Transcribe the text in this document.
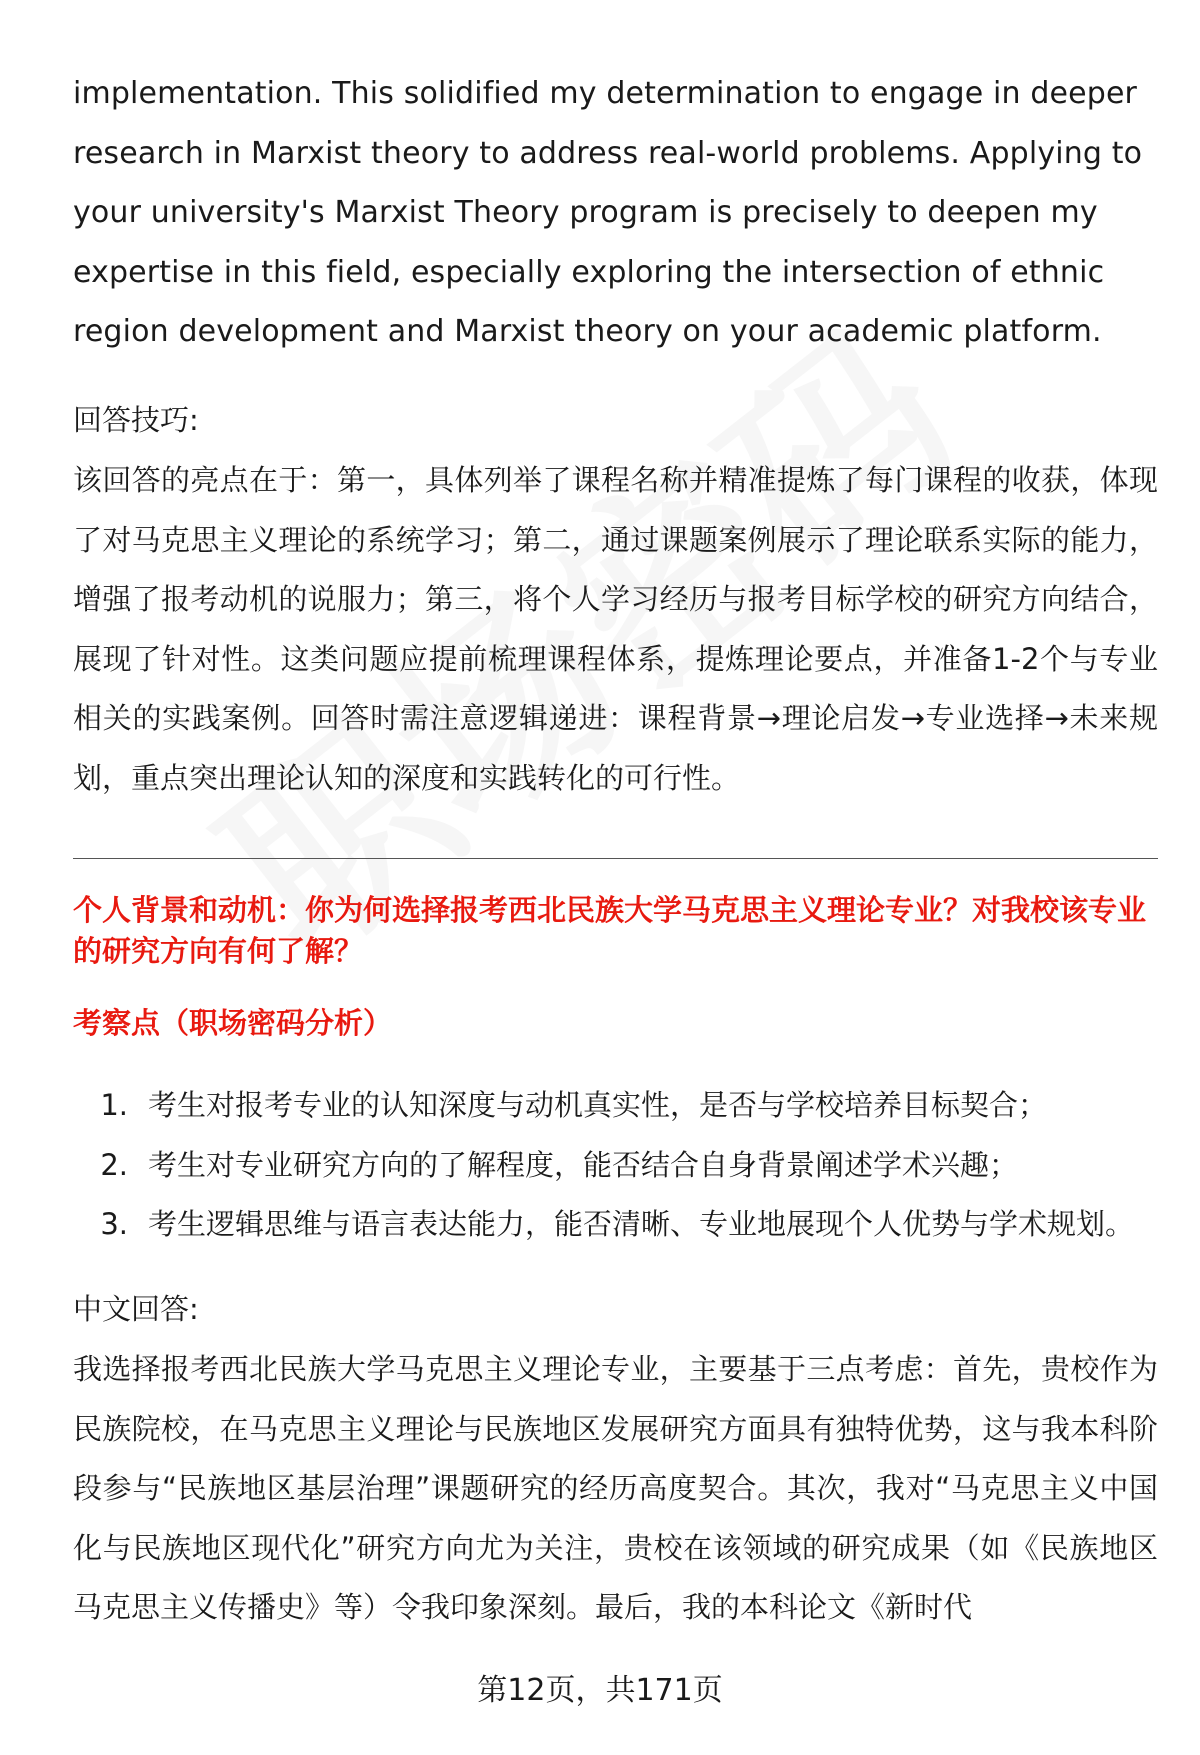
implementation. This solidified my determination to engage in deeper research in Marxist theory to address real-world problems. Applying to your university's Marxist Theory program is precisely to deepen my expertise in this field, especially exploring the intersection of ethnic region development and Marxist theory on your academic platform.

回答技巧:

该回答的亮点在于：第一，具体列举了课程名称并精准提炼了每门课程的收获，体现了对马克思主义理论的系统学习；第二，通过课题案例展示了理论联系实际的能力，增强了报考动机的说服力；第三，将个人学习经历与报考目标学校的研究方向结合，展现了针对性。这类问题应提前梳理课程体系，提炼理论要点，并准备1-2个与专业相关的实践案例。回答时需注意逻辑递进：课程背景→理论启发→专业选择→未来规划，重点突出理论认知的深度和实践转化的可行性。

个人背景和动机：你为何选择报考西北民族大学马克思主义理论专业？对我校该专业的研究方向有何了解？

考察点（职场密码分析）

1. 考生对报考专业的认知深度与动机真实性，是否与学校培养目标契合；
2. 考生对专业研究方向的了解程度，能否结合自身背景阐述学术兴趣；
3. 考生逻辑思维与语言表达能力，能否清晰、专业地展现个人优势与学术规划。

中文回答:

我选择报考西北民族大学马克思主义理论专业，主要基于三点考虑：首先，贵校作为民族院校，在马克思主义理论与民族地区发展研究方面具有独特优势，这与我本科阶段参与“民族地区基层治理”课题研究的经历高度契合。其次，我对“马克思主义中国化与民族地区现代化”研究方向尤为关注，贵校在该领域的研究成果（如《民族地区马克思主义传播史》等）令我印象深刻。最后，我的本科论文《新时代

第12页，共171页
